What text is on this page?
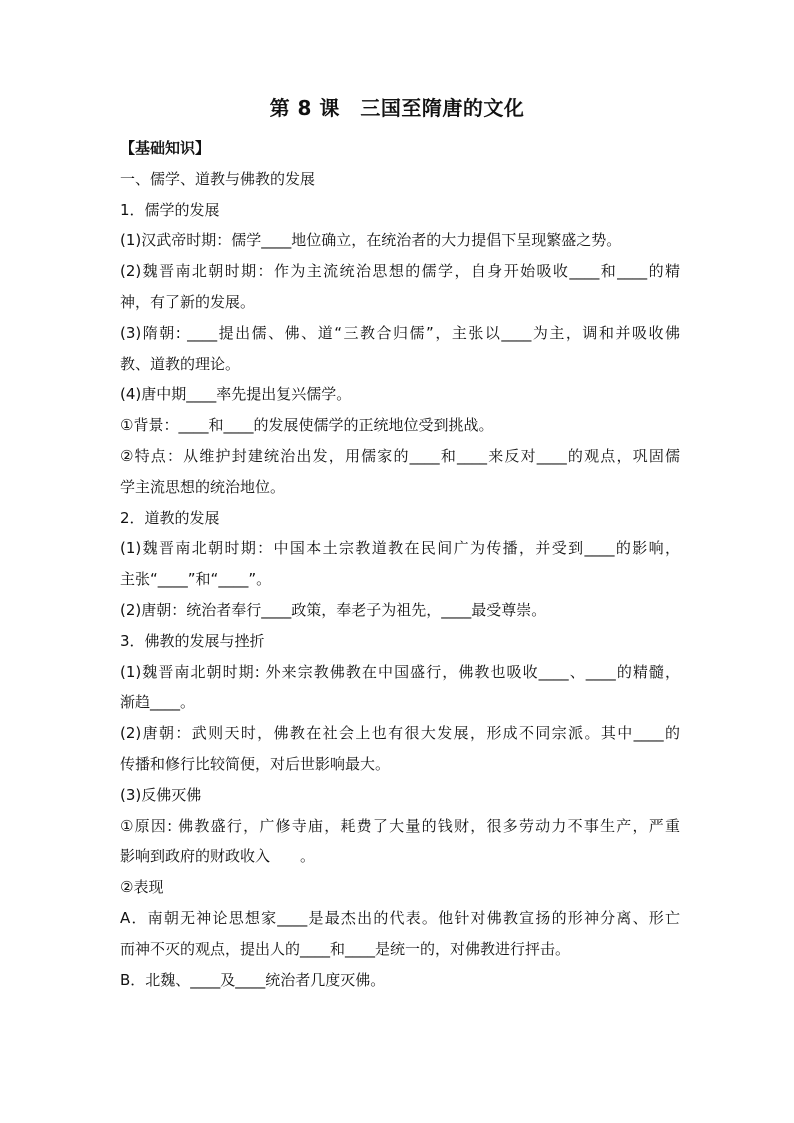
第 8 课　三国至隋唐的文化
【基础知识】
一、儒学、道教与佛教的发展
1．儒学的发展
(1)汉武帝时期：儒学____地位确立，在统治者的大力提倡下呈现繁盛之势。
(2)魏晋南北朝时期：作为主流统治思想的儒学，自身开始吸收____和____的精
神，有了新的发展。
(3)隋朝: ____提出儒、佛、道“三教合归儒”，主张以____为主，调和并吸收佛
教、道教的理论。
(4)唐中期____率先提出复兴儒学。
①背景：____和____的发展使儒学的正统地位受到挑战。
②特点：从维护封建统治出发，用儒家的____和____来反对____的观点，巩固儒
学主流思想的统治地位。
2．道教的发展
(1)魏晋南北朝时期：中国本土宗教道教在民间广为传播，并受到____的影响，
主张“____”和“____”。
(2)唐朝：统治者奉行____政策，奉老子为祖先，____最受尊崇。
3．佛教的发展与挫折
(1)魏晋南北朝时期: 外来宗教佛教在中国盛行，佛教也吸收____、____的精髓，
渐趋____。
(2)唐朝：武则天时，佛教在社会上也有很大发展，形成不同宗派。其中____的
传播和修行比较简便，对后世影响最大。
(3)反佛灭佛
①原因: 佛教盛行，广修寺庙，耗费了大量的钱财，很多劳动力不事生产，严重
影响到政府的财政收入　　。
②表现
A．南朝无神论思想家____是最杰出的代表。他针对佛教宣扬的形神分离、形亡
而神不灭的观点，提出人的____和____是统一的，对佛教进行抨击。
B．北魏、____及____统治者几度灭佛。
